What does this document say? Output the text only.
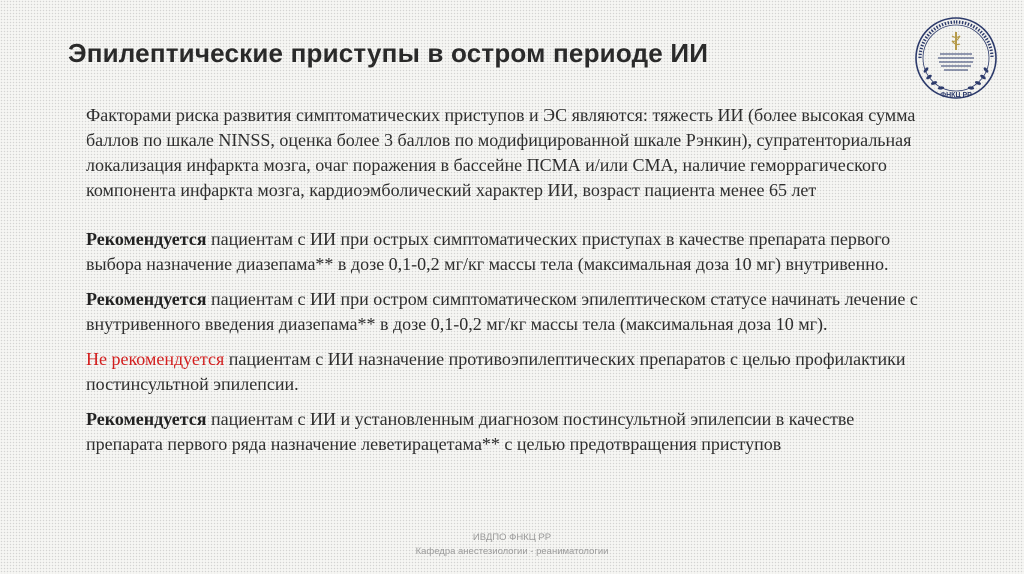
Эпилептические приступы в остром периоде ИИ
ФНКЦ РР

Факторами риска развития симптоматических приступов и ЭС являются: тяжесть ИИ (более высокая сумма баллов по шкале NINSS, оценка более 3 баллов по модифицированной шкале Рэнкин), супратенториальная локализация инфаркта мозга, очаг поражения в бассейне ПСМА и/или СМА, наличие геморрагического компонента инфаркта мозга, кардиоэмболический характер ИИ, возраст пациента менее 65 лет

Рекомендуется пациентам с ИИ при острых симптоматических приступах в качестве препарата первого выбора назначение диазепама** в дозе 0,1-0,2 мг/кг массы тела (максимальная доза 10 мг) внутривенно.

Рекомендуется пациентам с ИИ при остром симптоматическом эпилептическом статусе начинать лечение с внутривенного введения диазепама** в дозе 0,1-0,2 мг/кг массы тела (максимальная доза 10 мг).

Не рекомендуется пациентам с ИИ назначение противоэпилептических препаратов с целью профилактики постинсультной эпилепсии.

Рекомендуется пациентам с ИИ и установленным диагнозом постинсультной эпилепсии в качестве препарата первого ряда назначение леветирацетама** с целью предотвращения приступов

ИВДПО ФНКЦ РР
Кафедра анестезиологии - реаниматологии
